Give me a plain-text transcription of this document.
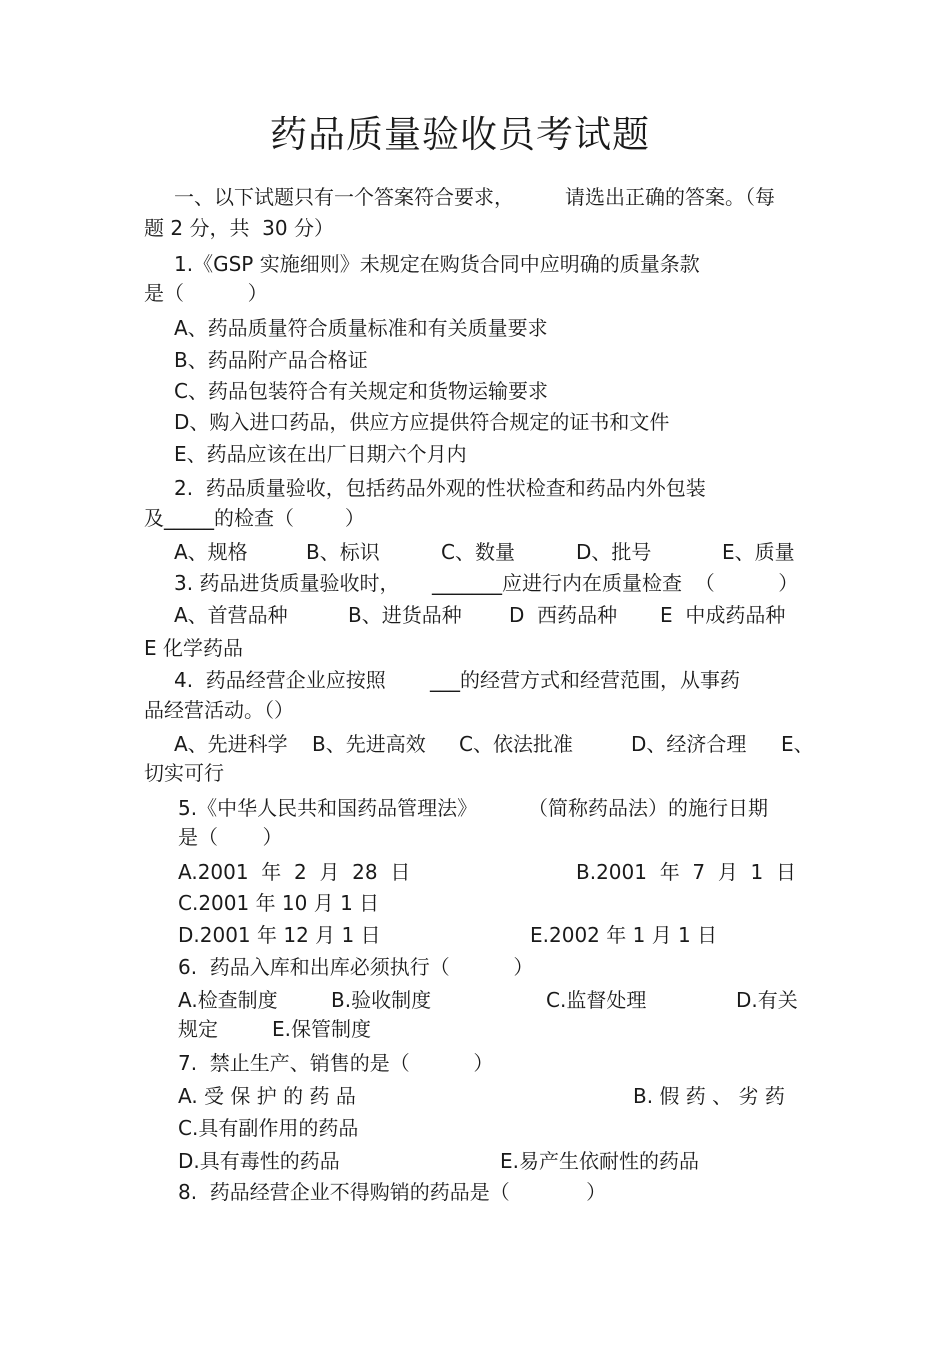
药品质量验收员考试题
一、以下试题只有一个答案符合要求，	请选出正确的答案。（每
题 2 分，共  30 分）
1.《GSP 实施细则》未规定在购货合同中应明确的质量条款
是（          ）
A、药品质量符合质量标准和有关质量要求
B、药品附产品合格证
C、药品包装符合有关规定和货物运输要求
D、购入进口药品，供应方应提供符合规定的证书和文件
E、药品应该在出厂日期六个月内
2.  药品质量验收，包括药品外观的性状检查和药品内外包装
及_____的检查（        ）
A、规格	B、标识	C、数量	D、批号	E、质量
3. 药品进货质量验收时， _______应进行内在质量检查  （          ）
A、首营品种	B、进货品种 D  西药品种 E  中成药品种
E 化学药品
4.  药品经营企业应按照 ___的经营方式和经营范围，从事药
品经营活动。（）
A、先进科学 B、先进高效 C、依法批准	D、经济合理 E、
切实可行
5.《中华人民共和国药品管理法》	（简称药品法）的施行日期
是（       ）
A.2001  年  2  月  28  日	B.2001  年  7  月  1  日
C.2001 年 10 月 1 日
D.2001 年 12 月 1 日	E.2002 年 1 月 1 日
6.  药品入库和出库必须执行（          ）
A.检查制度	B.验收制度	C.监督处理	D.有关
规定	E.保管制度
7.  禁止生产、销售的是（          ）
A. 受 保 护 的 药 品	B. 假 药 、 劣 药
C.具有副作用的药品
D.具有毒性的药品	E.易产生依耐性的药品
8.  药品经营企业不得购销的药品是（            ）
